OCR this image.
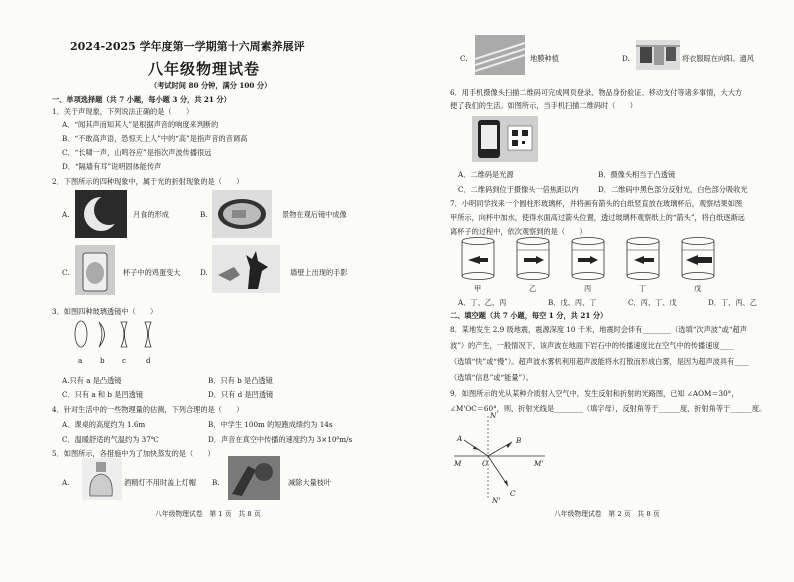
2024-2025 学年度第一学期第十六周素养展评
八年级物理试卷
（考试时间 80 分钟，满分 100 分）
一、单项选择题（共 7 小题，每小题 3 分，共 21 分）
1．关于声现象，下列说法正确的是（　　）
A．“闻其声而知其人”是根据声音的响度来判断的
B．“不敢高声语，恐惊天上人”中的“高”是指声音的音调高
C．“长啸一声，山鸣谷应”是指次声波传播很远
D．“隔墙有耳”说明固体能传声
2．下图所示的四种现象中，属于光的折射现象的是（　　）
A.	月食的形成	B.	景物在观后镜中成像
C.	杯子中的鸡蛋变大	D.	墙壁上出现的手影
3．如图四种玻璃透镜中（　　）
a b c	d
A.只有 a 是凸透镜	B．只有 b 是凸透镜
C．只有 a 和 b 是凹透镜	D．只有 d 是凹透镜
4．针对生活中的一些物理量的估测，下列合理的是（　　）
A．课桌的高度约为 1.6m	B．中学生 100m 的短跑成绩约为 14s
C．温暖舒适的气温约为 37℃	D．声音在真空中传播的速度约为 3×10⁸m/s
5．如图所示，各措施中为了加快蒸发的是（　　）
A.	酒精灯不用时盖上灯帽 B.	减除大量枝叶
八年级物理试卷　第 1 页　共 8 页
C.	地膜种植	D.	将衣服晾在向阳、通风
6．用手机摄像头扫描二维码可完成网页登录、物品身份验证、移动支付等诸多事情，大大方
便了我们的生活。如图所示，当手机扫描二维码时（　　）
A．二维码是光源	B．摄像头相当于凸透镜
C．二维码到位于摄像头一倍焦距以内	D．二维码中黑色部分反射光，白色部分吸收光
7．小明同学找来一个圆柱形玻璃杯，并将画有箭头的白纸竖直放在玻璃杯后，观察结果如图
甲所示，向杯中加水，使得水面高过箭头位置，透过玻璃杯观察纸上的“箭头”，将白纸逐渐远
离杯子的过程中，依次观察到的是（　　）
甲	乙	丙	丁	戊
A．丁、乙、丙	B．戊、丙、丁	C．丙、丁、戊	D．丁、丙、乙
二、填空题（共 7 小题，每空 1 分，共 21 分）
8．某地发生 2.9 级地震，震源深度 10 千米，地震时会伴有________（选填“次声波”或“超声
波”）的产生，一般情况下，该声波在地面下岩石中的传播速度比在空气中的传播速度____
（选填“快”或“慢”）。超声波水雾机利用超声波能将水打散而形成白雾，是因为超声波具有____
（选填“信息”或“能量”）。
9．如图所示的光从某种介质射入空气中，发生反射和折射的光路图，已知 ∠AOM＝30°，
∠M'OC＝60°，则，折射光线是________（填字母），反射角等于______度，折射角等于______度。
N
A	B
M	O	M'
C
N'
八年级物理试卷　第 2 页　共 8 页
